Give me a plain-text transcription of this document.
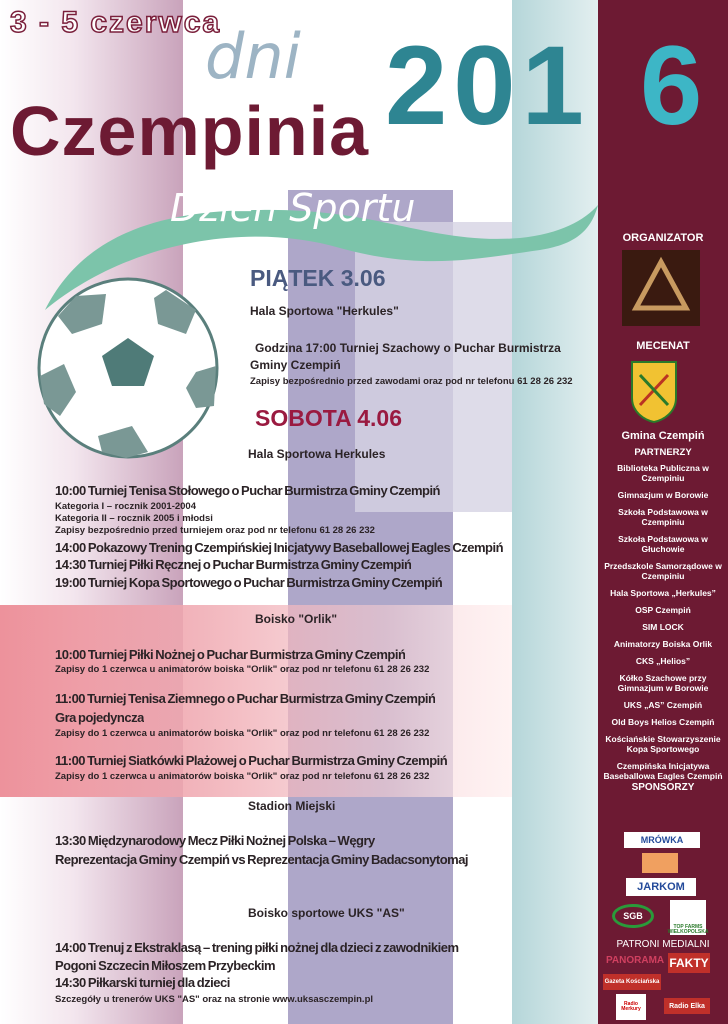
3 - 5 czerwca
dni 201
ORGANIZATOR
MECENAT
Gmina Czempiń
PARTNERZY
Biblioteka Publiczna w Czempiniu
Gimnazjum w Borowie
Szkoła Podstawowa w Czempiniu
Szkoła Podstawowa w Głuchowie
Przedszkole Samorządowe w Czempiniu
Hala Sportowa „Herkules”
OSP Czempiń
SIM LOCK
Animatorzy Boiska Orlik
CKS „Helios”
Kółko Szachowe przy Gimnazjum w Borowie
UKS „AS” Czempiń
Old Boys Helios Czempiń
Kościańskie Stowarzyszenie Kopa Sportowego
Czempińska Inicjatywa Baseballowa Eagles Czempiń
SPONSORZY
MRÓWKA
JARKOM
SGB
TOP FARMS WIELKOPOLSKA
PATRONI MEDIALNI
PANORAMA FAKTY
Gazeta Kościańska
Radio Merkury	Radio Elka
6
Czempinia
Dzień Sportu
PIĄTEK 3.06
Hala Sportowa "Herkules"
Godzina 17:00 Turniej Szachowy o Puchar Burmistrza
Gminy Czempiń
Zapisy bezpośrednio przed zawodami oraz pod nr telefonu 61 28 26 232
SOBOTA 4.06
Hala Sportowa Herkules
10:00 Turniej Tenisa Stołowego o Puchar Burmistrza Gminy Czempiń
Kategoria I – rocznik 2001-2004
Kategoria II – rocznik 2005 i młodsi
Zapisy bezpośrednio przed turniejem oraz pod nr telefonu 61 28 26 232
14:00 Pokazowy Trening Czempińskiej Inicjatywy Baseballowej Eagles Czempiń
14:30 Turniej Piłki Ręcznej o Puchar Burmistrza Gminy Czempiń
19:00 Turniej Kopa Sportowego o Puchar Burmistrza Gminy Czempiń
Boisko "Orlik"
10:00 Turniej Piłki Nożnej o Puchar Burmistrza Gminy Czempiń
Zapisy do 1 czerwca u animatorów boiska "Orlik" oraz pod nr telefonu 61 28 26 232
11:00 Turniej Tenisa Ziemnego o Puchar Burmistrza Gminy Czempiń
Gra pojedyncza
Zapisy do 1 czerwca u animatorów boiska "Orlik" oraz pod nr telefonu 61 28 26 232
11:00 Turniej Siatkówki Plażowej o Puchar Burmistrza Gminy Czempiń
Zapisy do 1 czerwca u animatorów boiska "Orlik" oraz pod nr telefonu 61 28 26 232
Stadion Miejski
13:30 Międzynarodowy Mecz Piłki Nożnej Polska – Węgry
Reprezentacja Gminy Czempiń vs Reprezentacja Gminy Badacsonytomaj
Boisko sportowe UKS "AS"
14:00 Trenuj z Ekstraklasą – trening piłki nożnej dla dzieci z zawodnikiem
Pogoni Szczecin Miłoszem Przybeckim
14:30 Piłkarski turniej dla dzieci
Szczegóły u trenerów UKS "AS" oraz na stronie www.uksasczempin.pl
